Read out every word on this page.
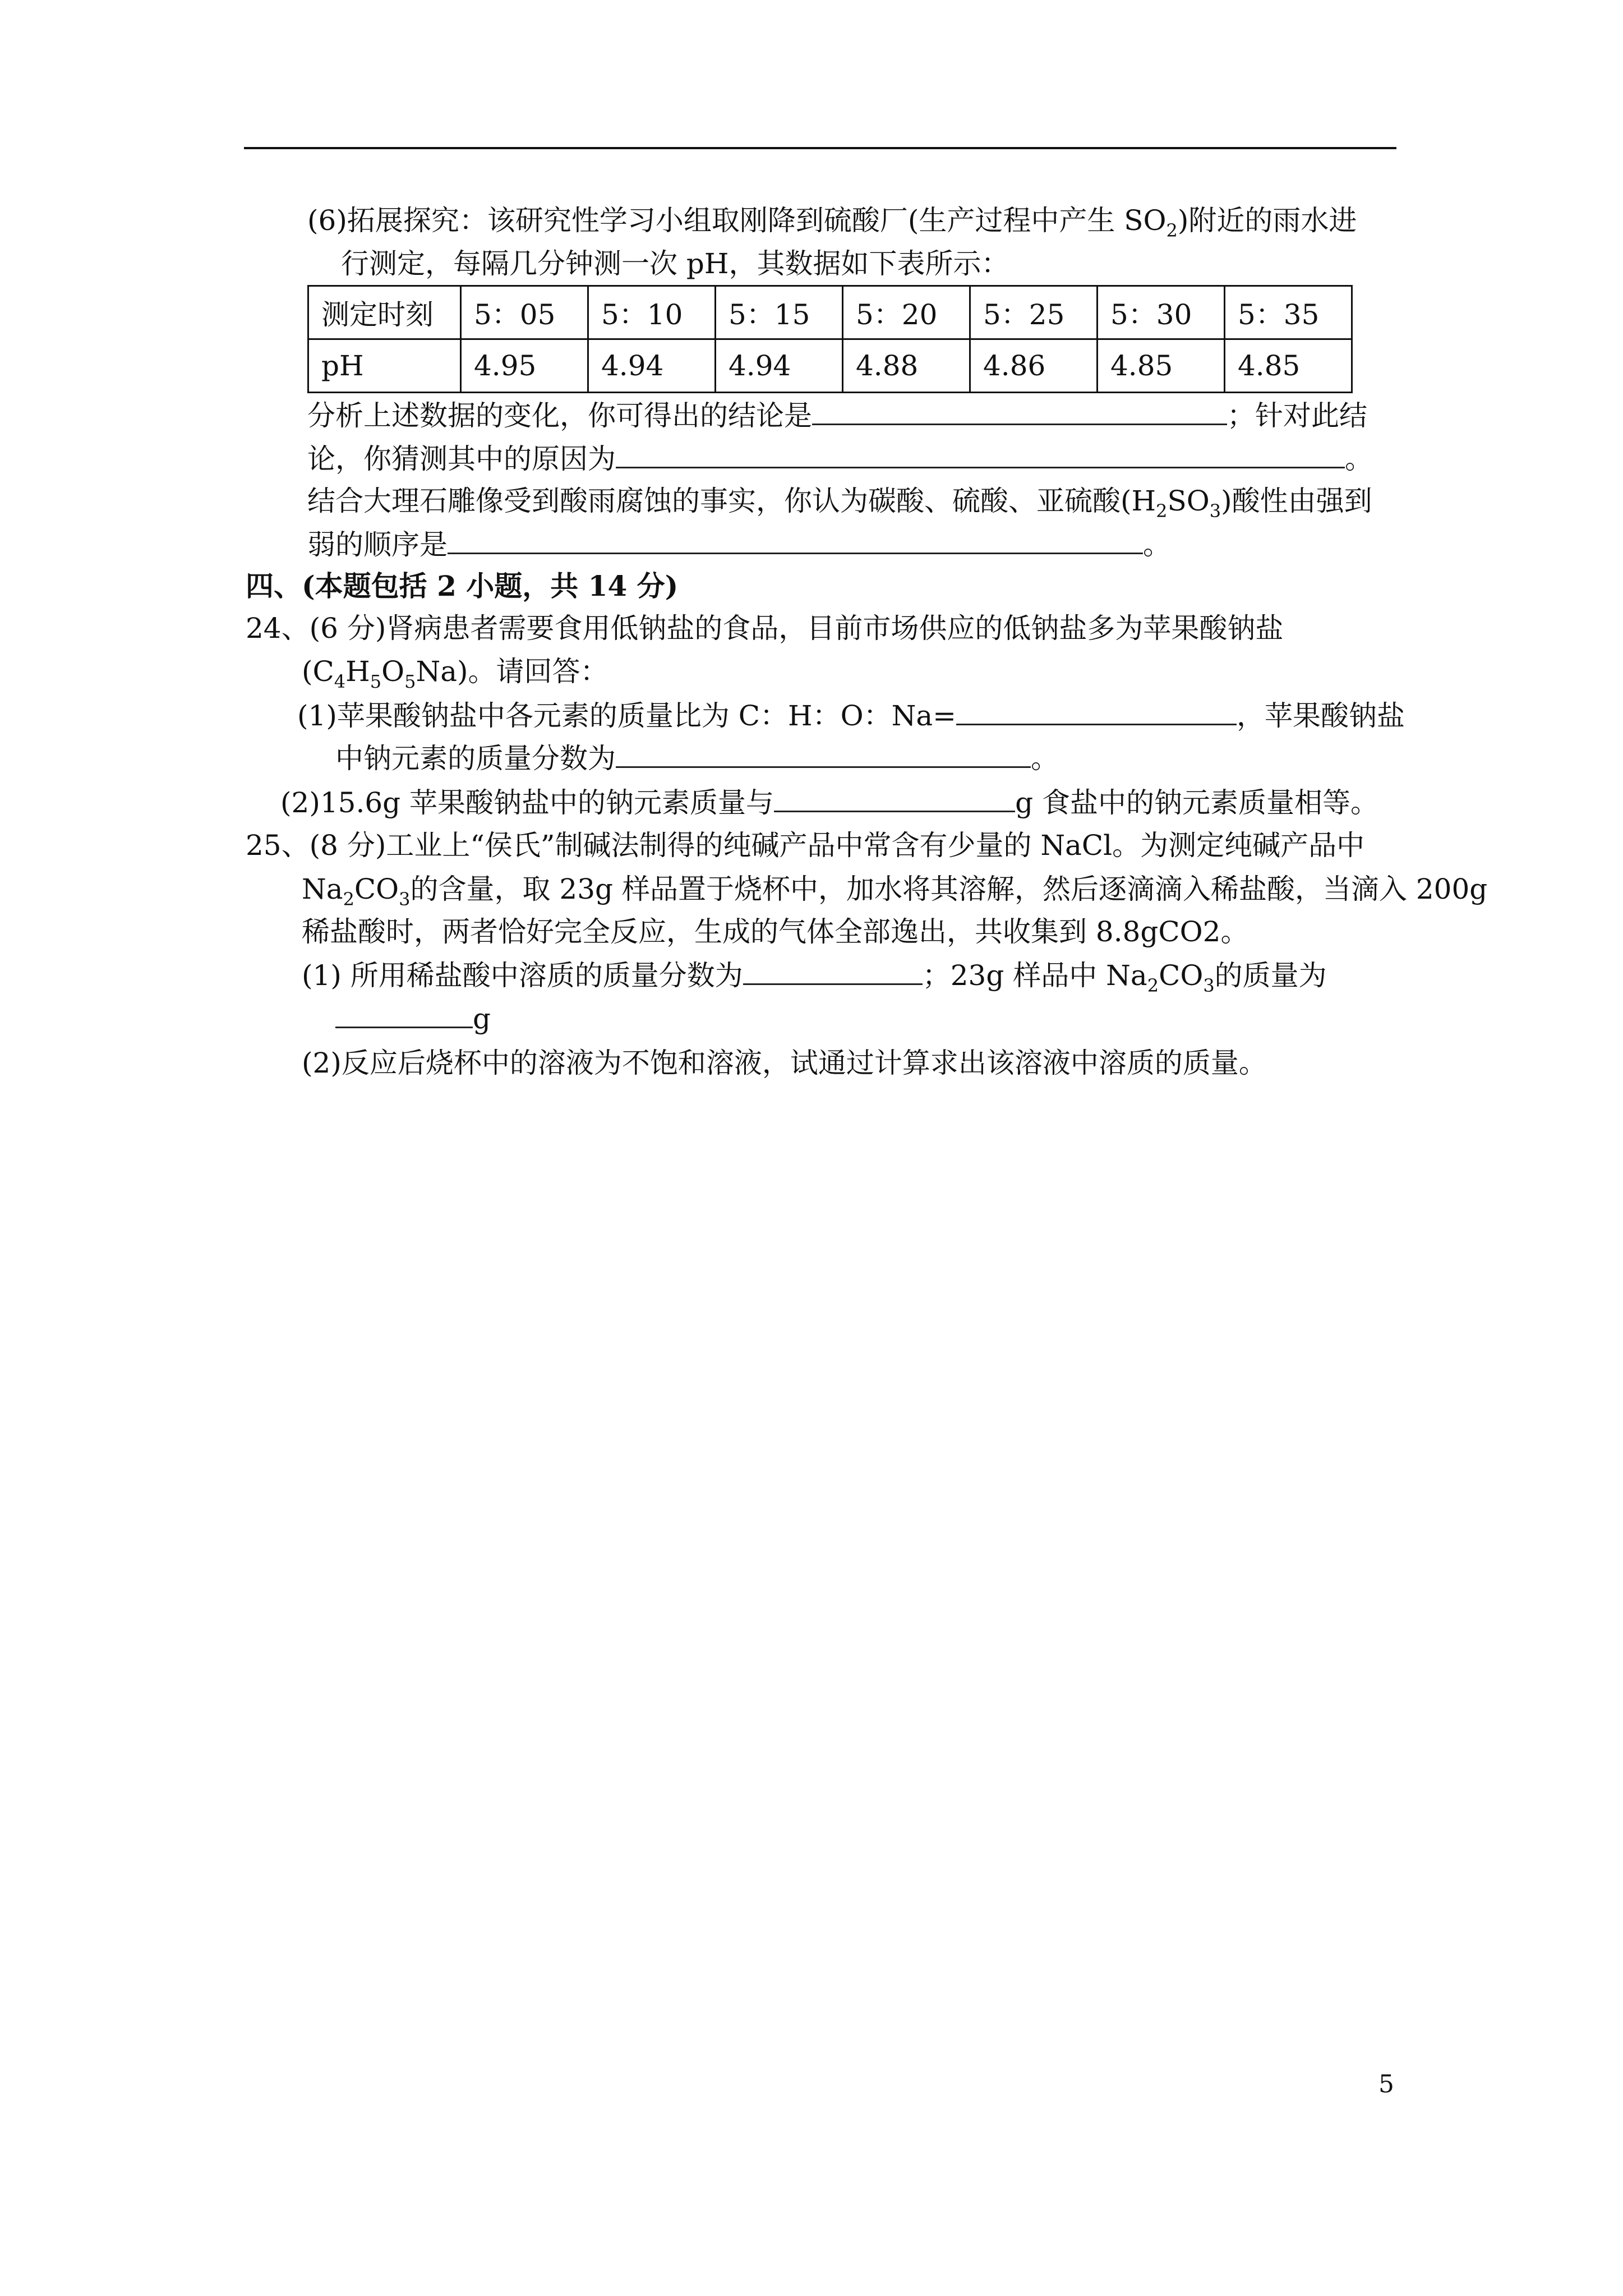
(6)拓展探究：该研究性学习小组取刚降到硫酸厂(生产过程中产生 $SO_2$)附近的雨水进
行测定，每隔几分钟测一次 pH，其数据如下表所示：
测定时刻	5：05	5：10	5：15	5：20	5：25	5：30	5：35
pH	4.95	4.94	4.94	4.88	4.86	4.85	4.85
分析上述数据的变化，你可得出的结论是	；针对此结
论，你猜测其中的原因为	。
结合大理石雕像受到酸雨腐蚀的事实，你认为碳酸、硫酸、亚硫酸$(H_2SO_3)$酸性由强到
弱的顺序是	。
四、(本题包括 2 小题，共 14 分)
24、(6 分)肾病患者需要食用低钠盐的食品，目前市场供应的低钠盐多为苹果酸钠盐
$(C_4H_5O_5Na)$。请回答：
(1)苹果酸钠盐中各元素的质量比为 C：H：O：Na=	，苹果酸钠盐
中钠元素的质量分数为	。
(2)15.6g 苹果酸钠盐中的钠元素质量与	g 食盐中的钠元素质量相等。
25、(8 分)工业上“侯氏”制碱法制得的纯碱产品中常含有少量的 NaCl。为测定纯碱产品中
$Na_2CO_3$的含量，取 23g 样品置于烧杯中，加水将其溶解，然后逐滴滴入稀盐酸，当滴入 200g
稀盐酸时，两者恰好完全反应，生成的气体全部逸出，共收集到 8.8gCO2。
(1) 所用稀盐酸中溶质的质量分数为	；23g 样品中 $Na_2CO_3$的质量为
g
(2)反应后烧杯中的溶液为不饱和溶液，试通过计算求出该溶液中溶质的质量。
5
